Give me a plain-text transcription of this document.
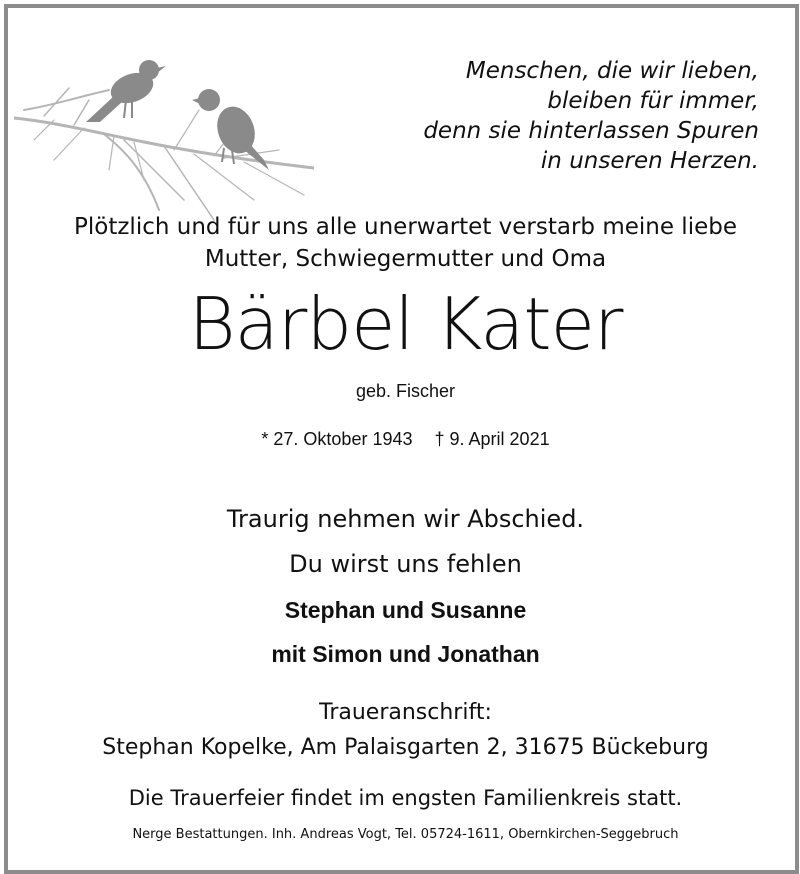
Menschen, die wir lieben,
bleiben für immer,
denn sie hinterlassen Spuren
in unseren Herzen.
Plötzlich und für uns alle unerwartet verstarb meine liebe
Mutter, Schwiegermutter und Oma
Bärbel Kater
geb. Fischer
* 27. Oktober 1943 † 9. April 2021
Traurig nehmen wir Abschied.
Du wirst uns fehlen
Stephan und Susanne
mit Simon und Jonathan
Traueranschrift:
Stephan Kopelke, Am Palaisgarten 2, 31675 Bückeburg
Die Trauerfeier findet im engsten Familienkreis statt.
Nerge Bestattungen. Inh. Andreas Vogt, Tel. 05724-1611, Obernkirchen-Seggebruch
